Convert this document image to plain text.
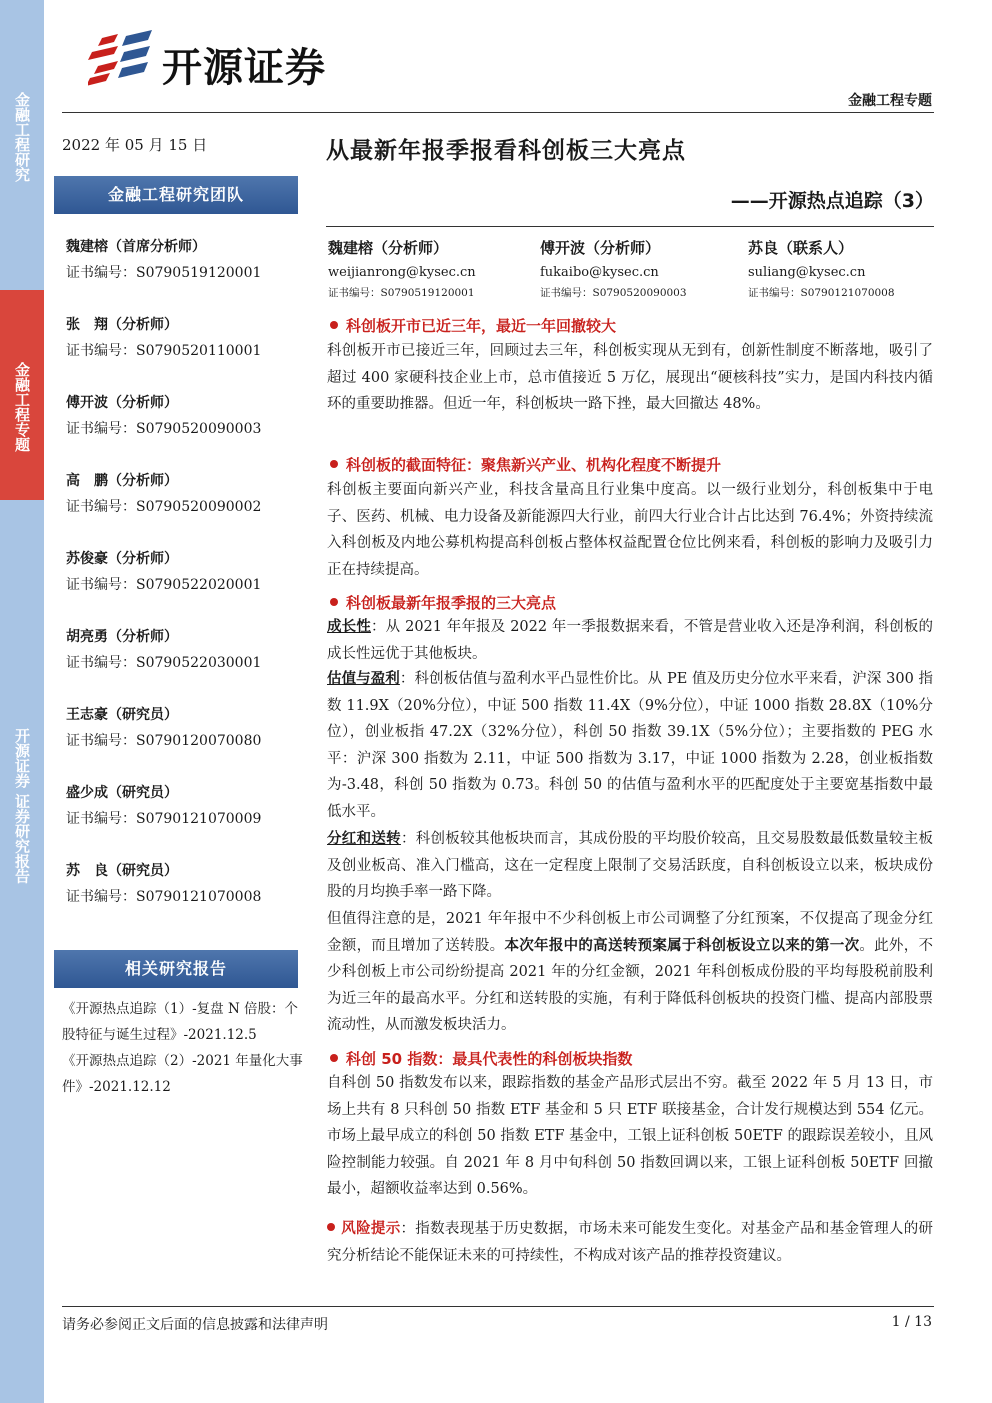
金融工程研究
金融工程专题
开源证券 证券研究报告
开源证券
金融工程专题
2022 年 05 月 15 日
金融工程研究团队
魏建榕（首席分析师）
证书编号：S0790519120001
张　翔（分析师）
证书编号：S0790520110001
傅开波（分析师）
证书编号：S0790520090003
高　鹏（分析师）
证书编号：S0790520090002
苏俊豪（分析师）
证书编号：S0790522020001
胡亮勇（分析师）
证书编号：S0790522030001
王志豪（研究员）
证书编号：S0790120070080
盛少成（研究员）
证书编号：S0790121070009
苏　良（研究员）
证书编号：S0790121070008
相关研究报告
《开源热点追踪（1）-复盘 N 倍股：个股特征与诞生过程》-2021.12.5
《开源热点追踪（2）-2021 年量化大事件》-2021.12.12
从最新年报季报看科创板三大亮点
——开源热点追踪（3）
魏建榕（分析师）
weijianrong@kysec.cn
证书编号：S0790519120001
傅开波（分析师）
fukaibo@kysec.cn
证书编号：S0790520090003
苏良（联系人）
suliang@kysec.cn
证书编号：S0790121070008
科创板开市已近三年，最近一年回撤较大
科创板开市已接近三年，回顾过去三年，科创板实现从无到有，创新性制度不断落地，吸引了超过 400 家硬科技企业上市，总市值接近 5 万亿，展现出“硬核科技”实力，是国内科技内循环的重要助推器。但近一年，科创板块一路下挫，最大回撤达 48%。
科创板的截面特征：聚焦新兴产业、机构化程度不断提升
科创板主要面向新兴产业，科技含量高且行业集中度高。以一级行业划分，科创板集中于电子、医药、机械、电力设备及新能源四大行业，前四大行业合计占比达到 76.4%；外资持续流入科创板及内地公募机构提高科创板占整体权益配置仓位比例来看，科创板的影响力及吸引力正在持续提高。
科创板最新年报季报的三大亮点
成长性：从 2021 年年报及 2022 年一季报数据来看，不管是营业收入还是净利润，科创板的成长性远优于其他板块。
估值与盈利：科创板估值与盈利水平凸显性价比。从 PE 值及历史分位水平来看，沪深 300 指数 11.9X（20%分位），中证 500 指数 11.4X（9%分位），中证 1000 指数 28.8X（10%分位），创业板指 47.2X（32%分位），科创 50 指数 39.1X（5%分位）；主要指数的 PEG 水平：沪深 300 指数为 2.11，中证 500 指数为 3.17，中证 1000 指数为 2.28，创业板指数为-3.48，科创 50 指数为 0.73。科创 50 的估值与盈利水平的匹配度处于主要宽基指数中最低水平。
分红和送转：科创板较其他板块而言，其成份股的平均股价较高，且交易股数最低数量较主板及创业板高、准入门槛高，这在一定程度上限制了交易活跃度，自科创板设立以来，板块成份股的月均换手率一路下降。
但值得注意的是，2021 年年报中不少科创板上市公司调整了分红预案，不仅提高了现金分红金额，而且增加了送转股。本次年报中的高送转预案属于科创板设立以来的第一次。此外，不少科创板上市公司纷纷提高 2021 年的分红金额，2021 年科创板成份股的平均每股税前股利为近三年的最高水平。分红和送转股的实施，有利于降低科创板块的投资门槛、提高内部股票流动性，从而激发板块活力。
科创 50 指数：最具代表性的科创板块指数
自科创 50 指数发布以来，跟踪指数的基金产品形式层出不穷。截至 2022 年 5 月 13 日，市场上共有 8 只科创 50 指数 ETF 基金和 5 只 ETF 联接基金，合计发行规模达到 554 亿元。市场上最早成立的科创 50 指数 ETF 基金中，工银上证科创板 50ETF 的跟踪误差较小，且风险控制能力较强。自 2021 年 8 月中旬科创 50 指数回调以来，工银上证科创板 50ETF 回撤最小，超额收益率达到 0.56%。
风险提示：指数表现基于历史数据，市场未来可能发生变化。对基金产品和基金管理人的研究分析结论不能保证未来的可持续性，不构成对该产品的推荐投资建议。
请务必参阅正文后面的信息披露和法律声明	1 / 13
